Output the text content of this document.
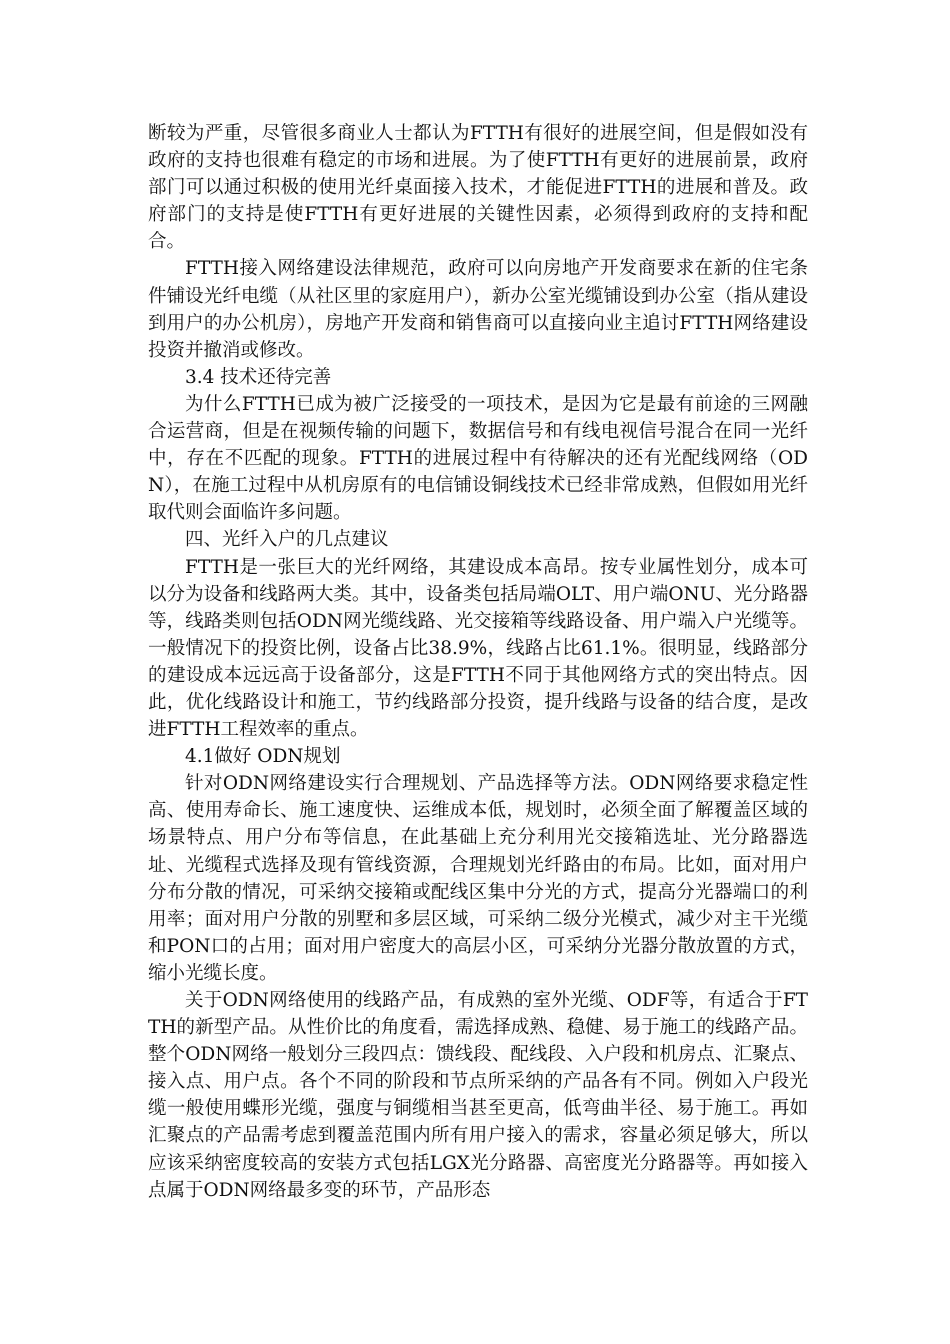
断较为严重，尽管很多商业人士都认为FTTH有很好的进展空间，但是假如没有政府的支持也很难有稳定的市场和进展。为了使FTTH有更好的进展前景，政府部门可以通过积极的使用光纤桌面接入技术，才能促进FTTH的进展和普及。政府部门的支持是使FTTH有更好进展的关键性因素，必须得到政府的支持和配合。

FTTH接入网络建设法律规范，政府可以向房地产开发商要求在新的住宅条件铺设光纤电缆（从社区里的家庭用户），新办公室光缆铺设到办公室（指从建设到用户的办公机房），房地产开发商和销售商可以直接向业主追讨FTTH网络建设投资并撤消或修改。

3.4 技术还待完善

为什么FTTH已成为被广泛接受的一项技术，是因为它是最有前途的三网融合运营商，但是在视频传输的问题下，数据信号和有线电视信号混合在同一光纤中，存在不匹配的现象。FTTH的进展过程中有待解决的还有光配线网络（ODN），在施工过程中从机房原有的电信铺设铜线技术已经非常成熟，但假如用光纤取代则会面临许多问题。

四、光纤入户的几点建议

FTTH是一张巨大的光纤网络，其建设成本高昂。按专业属性划分，成本可以分为设备和线路两大类。其中，设备类包括局端OLT、用户端ONU、光分路器等，线路类则包括ODN网光缆线路、光交接箱等线路设备、用户端入户光缆等。一般情况下的投资比例，设备占比38.9%，线路占比61.1%。很明显，线路部分的建设成本远远高于设备部分，这是FTTH不同于其他网络方式的突出特点。因此，优化线路设计和施工，节约线路部分投资，提升线路与设备的结合度，是改进FTTH工程效率的重点。

4.1做好 ODN规划

针对ODN网络建设实行合理规划、产品选择等方法。ODN网络要求稳定性高、使用寿命长、施工速度快、运维成本低，规划时，必须全面了解覆盖区域的场景特点、用户分布等信息，在此基础上充分利用光交接箱选址、光分路器选址、光缆程式选择及现有管线资源，合理规划光纤路由的布局。比如，面对用户分布分散的情况，可采纳交接箱或配线区集中分光的方式，提高分光器端口的利用率；面对用户分散的别墅和多层区域，可采纳二级分光模式，减少对主干光缆和PON口的占用；面对用户密度大的高层小区，可采纳分光器分散放置的方式，缩小光缆长度。

关于ODN网络使用的线路产品，有成熟的室外光缆、ODF等，有适合于FTTH的新型产品。从性价比的角度看，需选择成熟、稳健、易于施工的线路产品。整个ODN网络一般划分三段四点：馈线段、配线段、入户段和机房点、汇聚点、接入点、用户点。各个不同的阶段和节点所采纳的产品各有不同。例如入户段光缆一般使用蝶形光缆，强度与铜缆相当甚至更高，低弯曲半径、易于施工。再如汇聚点的产品需考虑到覆盖范围内所有用户接入的需求，容量必须足够大，所以应该采纳密度较高的安装方式包括LGX光分路器、高密度光分路器等。再如接入点属于ODN网络最多变的环节，产品形态
